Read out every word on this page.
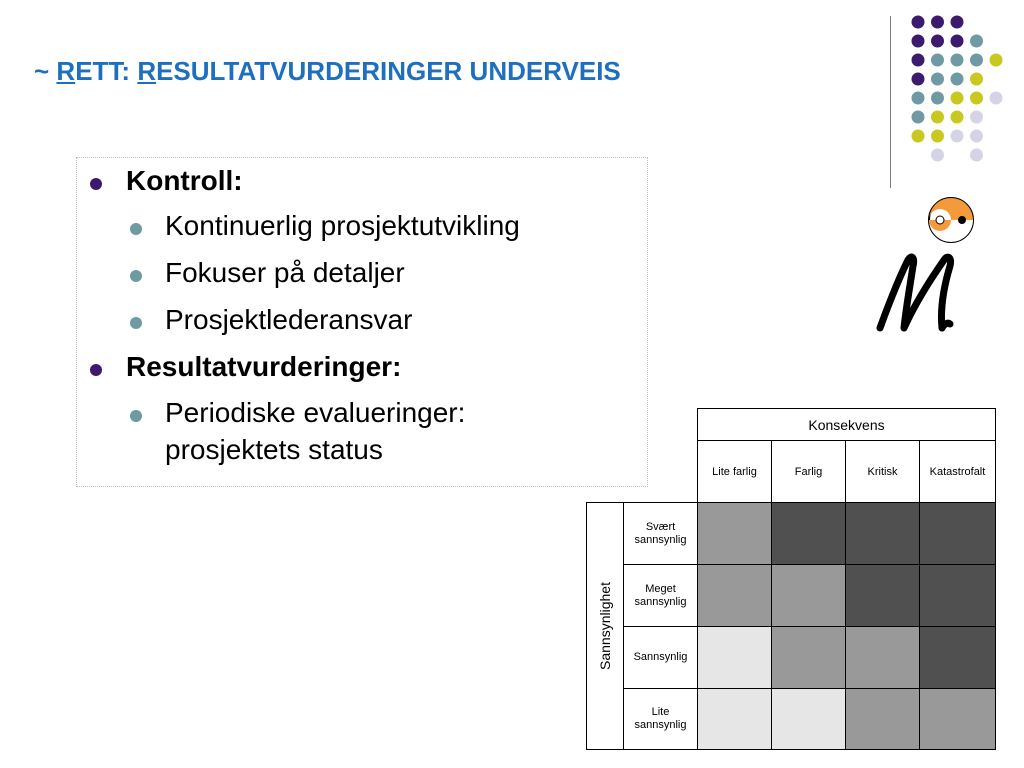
~ RETT: RESULTATVURDERINGER UNDERVEIS
Kontroll:
Kontinuerlig prosjektutvikling
Fokuser på detaljer
Prosjektlederansvar
Resultatvurderinger:
Periodiske evalueringer:
prosjektets status
Konsekvens
Lite farlig	Farlig	Kritisk	Katastrofalt
Sannsynlighet
Svært sannsynlig
Meget sannsynlig
Sannsynlig
Lite sannsynlig
